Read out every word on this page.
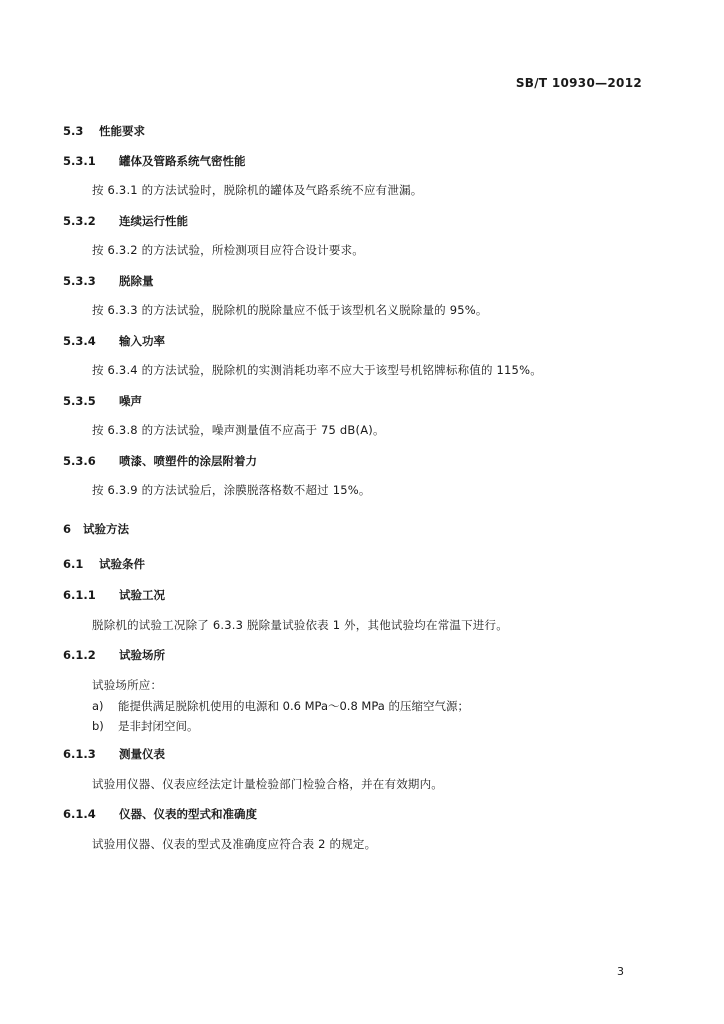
SB/T 10930—2012
5.3 性能要求
5.3.1 罐体及管路系统气密性能
按 6.3.1 的方法试验时，脱除机的罐体及气路系统不应有泄漏。
5.3.2 连续运行性能
按 6.3.2 的方法试验，所检测项目应符合设计要求。
5.3.3 脱除量
按 6.3.3 的方法试验，脱除机的脱除量应不低于该型机名义脱除量的 95%。
5.3.4 输入功率
按 6.3.4 的方法试验，脱除机的实测消耗功率不应大于该型号机铭牌标称值的 115%。
5.3.5 噪声
按 6.3.8 的方法试验，噪声测量值不应高于 75 dB(A)。
5.3.6 喷漆、喷塑件的涂层附着力
按 6.3.9 的方法试验后，涂膜脱落格数不超过 15%。
6 试验方法
6.1 试验条件
6.1.1 试验工况
脱除机的试验工况除了 6.3.3 脱除量试验依表 1 外，其他试验均在常温下进行。
6.1.2 试验场所
试验场所应：
a) 能提供满足脱除机使用的电源和 0.6 MPa～0.8 MPa 的压缩空气源；
b) 是非封闭空间。
6.1.3 测量仪表
试验用仪器、仪表应经法定计量检验部门检验合格，并在有效期内。
6.1.4 仪器、仪表的型式和准确度
试验用仪器、仪表的型式及准确度应符合表 2 的规定。
3
